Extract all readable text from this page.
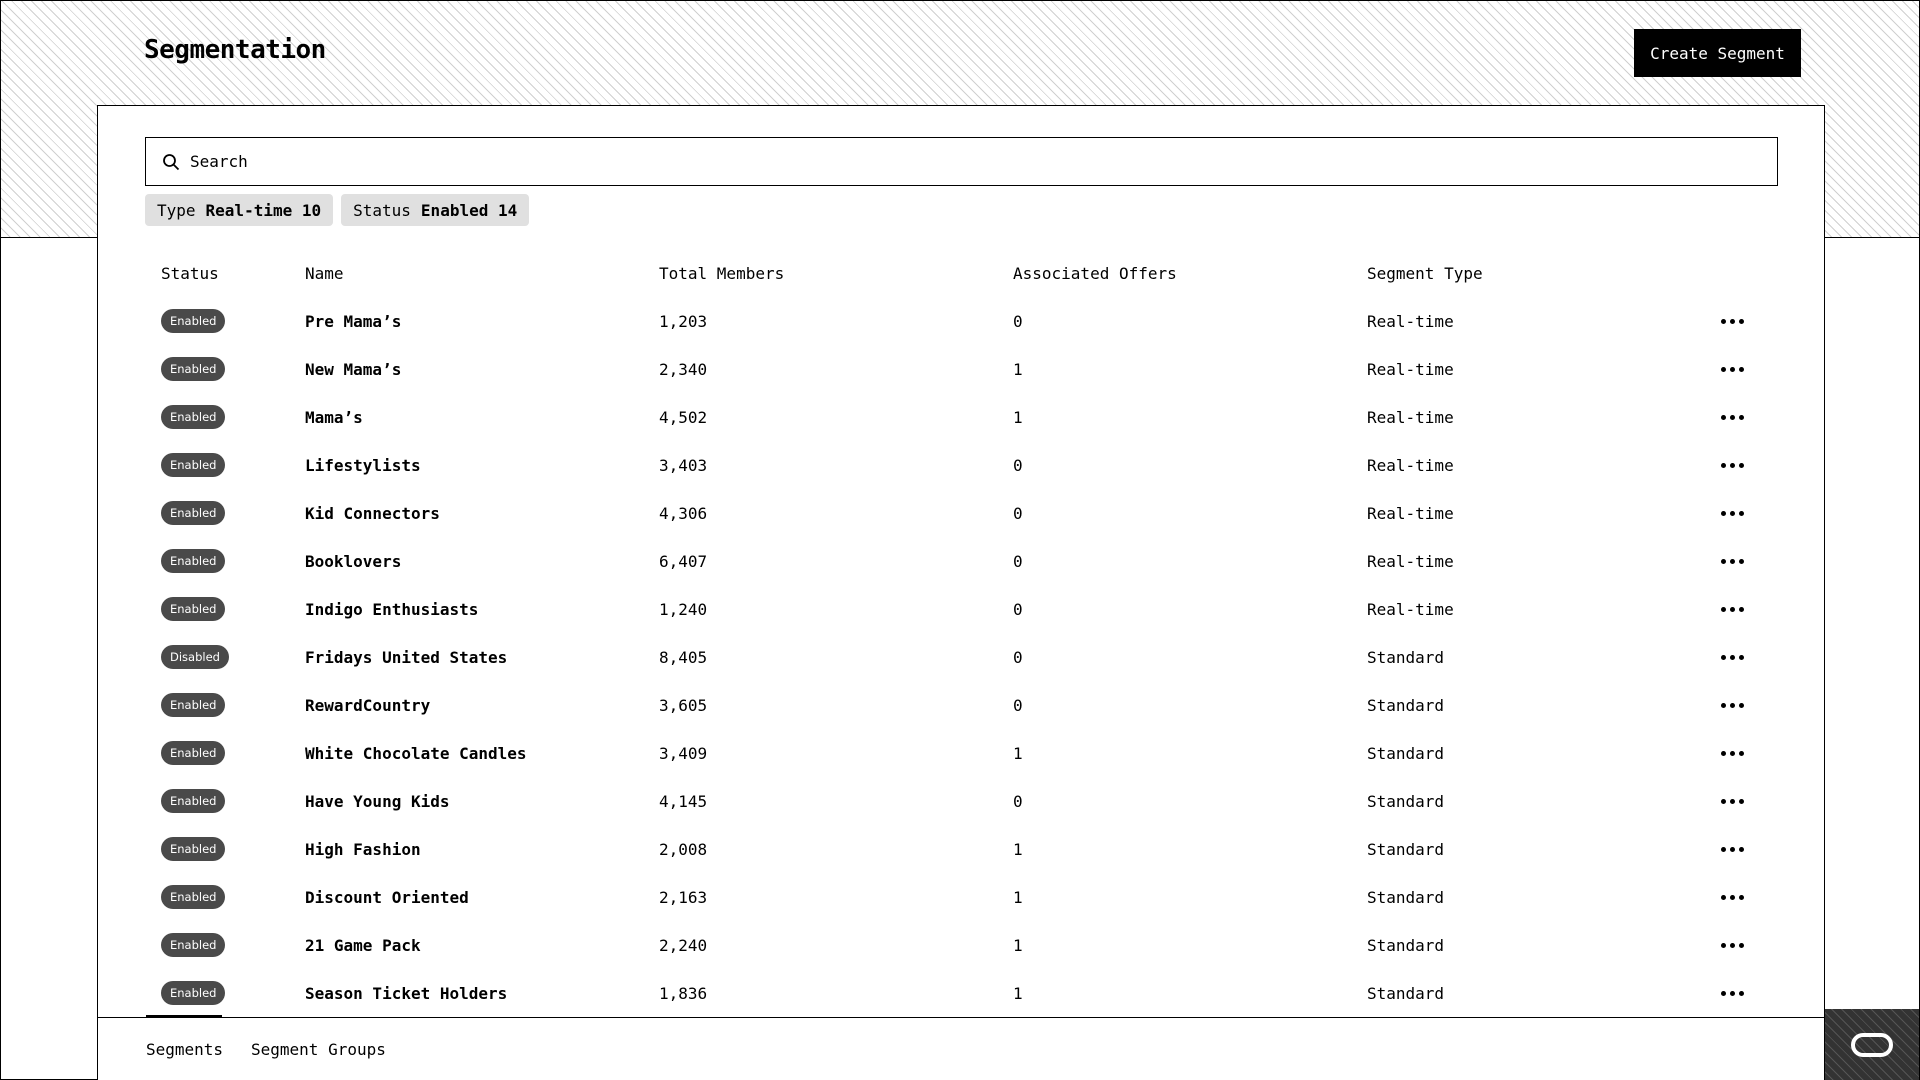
Segmentation	Create Segment
Search
Type Real-time 10 Status Enabled 14
Status	Name	Total Members	Associated Offers	Segment Type
Enabled	Pre Mama’s	1,203	0	Real-time
Enabled	New Mama’s	2,340	1	Real-time
Enabled	Mama’s	4,502	1	Real-time
Enabled	Lifestylists	3,403	0	Real-time
Enabled	Kid Connectors	4,306	0	Real-time
Enabled	Booklovers	6,407	0	Real-time
Enabled	Indigo Enthusiasts	1,240	0	Real-time
Disabled	Fridays United States	8,405	0	Standard
Enabled	RewardCountry	3,605	0	Standard
Enabled	White Chocolate Candles	3,409	1	Standard
Enabled	Have Young Kids	4,145	0	Standard
Enabled	High Fashion	2,008	1	Standard
Enabled	Discount Oriented	2,163	1	Standard
Enabled	21 Game Pack	2,240	1	Standard
Enabled	Season Ticket Holders	1,836	1	Standard
Segments Segment Groups
